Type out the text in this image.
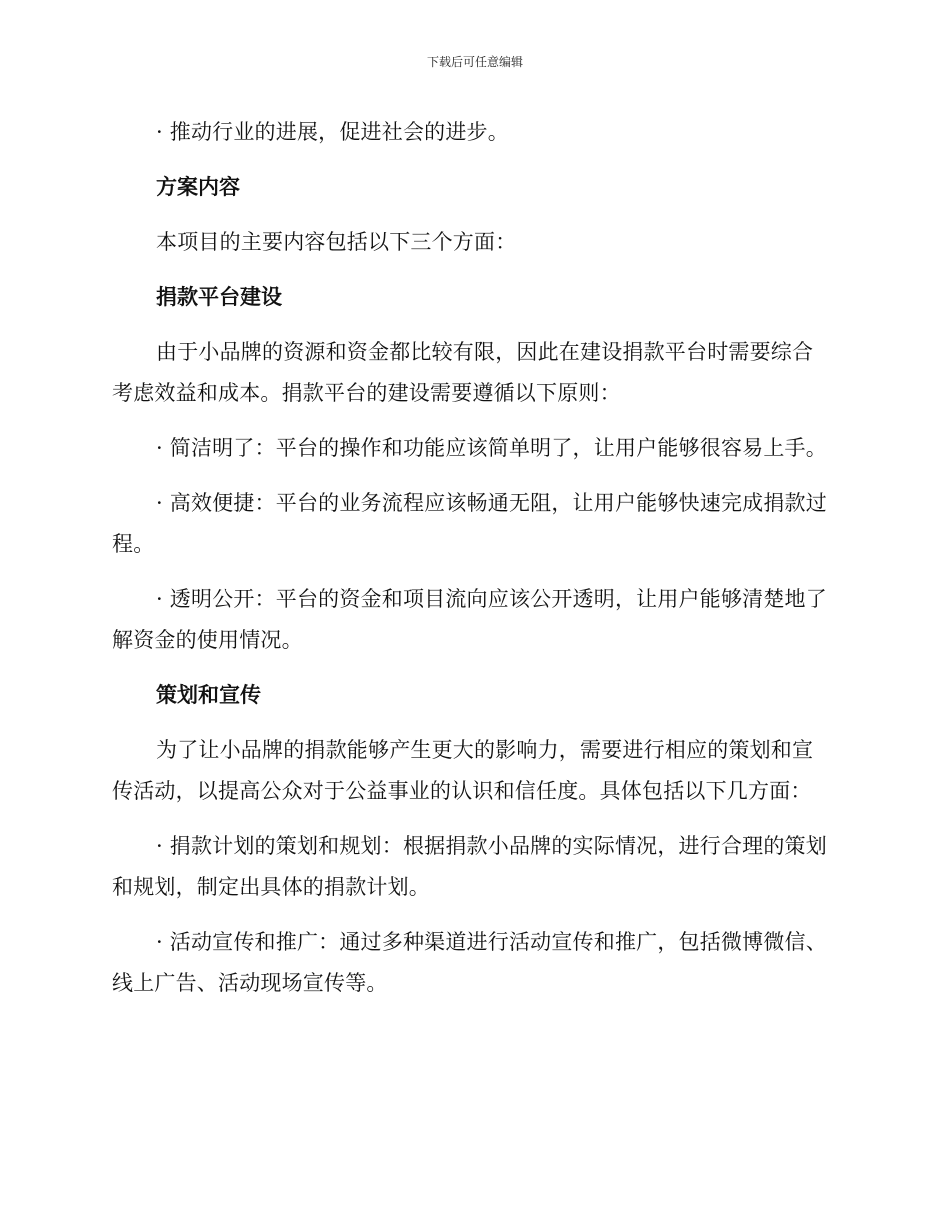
下载后可任意编辑

· 推动行业的进展，促进社会的进步。

方案内容

本项目的主要内容包括以下三个方面：

捐款平台建设

由于小品牌的资源和资金都比较有限，因此在建设捐款平台时需要综合考虑效益和成本。捐款平台的建设需要遵循以下原则：

· 简洁明了：平台的操作和功能应该简单明了，让用户能够很容易上手。

· 高效便捷：平台的业务流程应该畅通无阻，让用户能够快速完成捐款过程。

· 透明公开：平台的资金和项目流向应该公开透明，让用户能够清楚地了解资金的使用情况。

策划和宣传

为了让小品牌的捐款能够产生更大的影响力，需要进行相应的策划和宣传活动，以提高公众对于公益事业的认识和信任度。具体包括以下几方面：

· 捐款计划的策划和规划：根据捐款小品牌的实际情况，进行合理的策划和规划，制定出具体的捐款计划。

· 活动宣传和推广：通过多种渠道进行活动宣传和推广，包括微博微信、线上广告、活动现场宣传等。
